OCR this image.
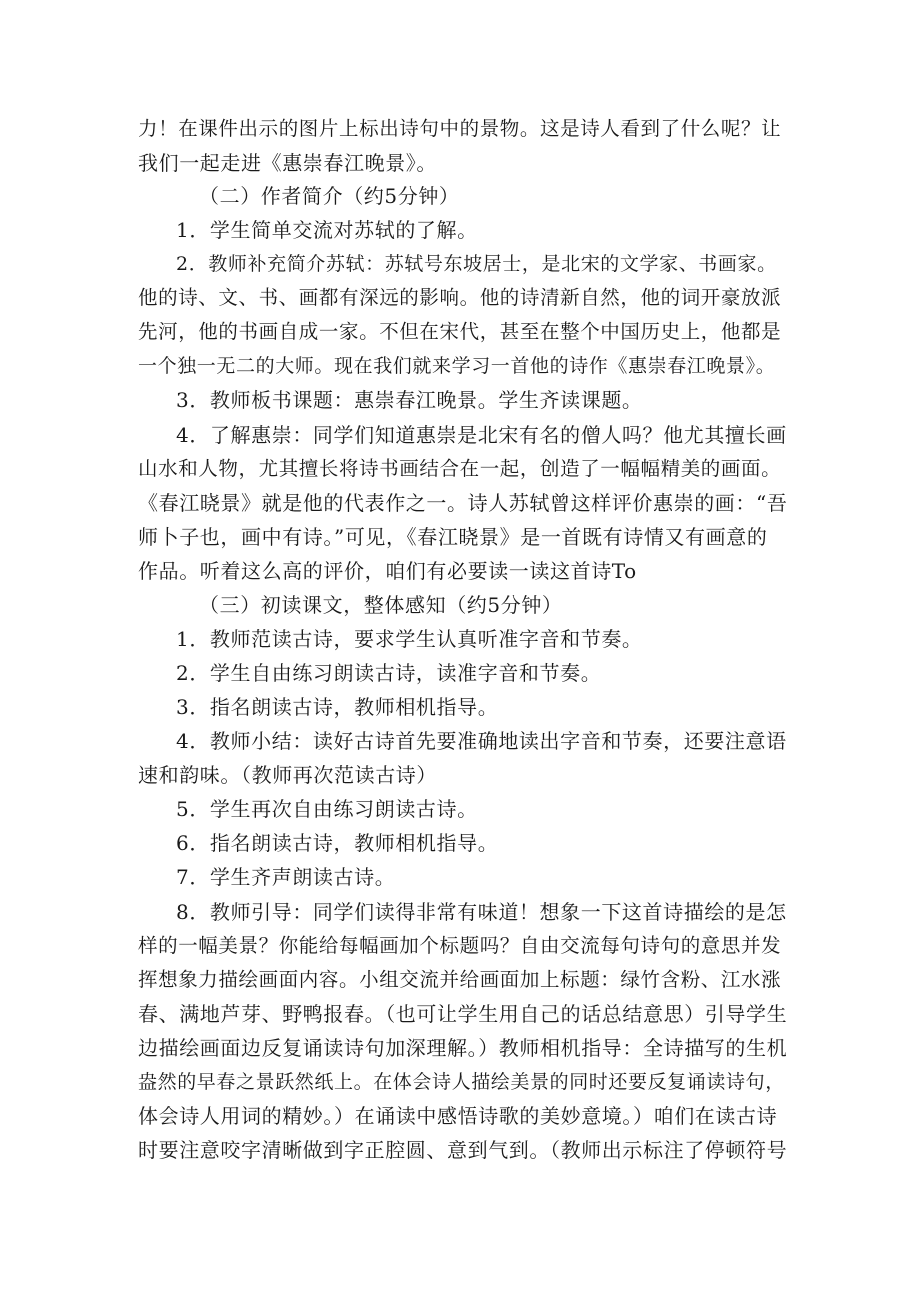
力！在课件出示的图片上标出诗句中的景物。这是诗人看到了什么呢？让
我们一起走进《惠崇春江晚景》。
（二）作者简介（约5分钟）
1．学生简单交流对苏轼的了解。
2．教师补充简介苏轼：苏轼号东坡居士，是北宋的文学家、书画家。
他的诗、文、书、画都有深远的影响。他的诗清新自然，他的词开豪放派
先河，他的书画自成一家。不但在宋代，甚至在整个中国历史上，他都是
一个独一无二的大师。现在我们就来学习一首他的诗作《惠崇春江晚景》。
3．教师板书课题：惠崇春江晚景。学生齐读课题。
4．了解惠崇：同学们知道惠崇是北宋有名的僧人吗？他尤其擅长画
山水和人物，尤其擅长将诗书画结合在一起，创造了一幅幅精美的画面。
《春江晓景》就是他的代表作之一。诗人苏轼曾这样评价惠崇的画：“吾
师卜子也，画中有诗。”可见，《春江晓景》是一首既有诗情又有画意的
作品。听着这么高的评价，咱们有必要读一读这首诗To
（三）初读课文，整体感知（约5分钟）
1．教师范读古诗，要求学生认真听准字音和节奏。
2．学生自由练习朗读古诗，读准字音和节奏。
3．指名朗读古诗，教师相机指导。
4．教师小结：读好古诗首先要准确地读出字音和节奏，还要注意语
速和韵味。（教师再次范读古诗）
5．学生再次自由练习朗读古诗。
6．指名朗读古诗，教师相机指导。
7．学生齐声朗读古诗。
8．教师引导：同学们读得非常有味道！想象一下这首诗描绘的是怎
样的一幅美景？你能给每幅画加个标题吗？自由交流每句诗句的意思并发
挥想象力描绘画面内容。小组交流并给画面加上标题：绿竹含粉、江水涨
春、满地芦芽、野鸭报春。（也可让学生用自己的话总结意思）引导学生
边描绘画面边反复诵读诗句加深理解。）教师相机指导：全诗描写的生机
盎然的早春之景跃然纸上。在体会诗人描绘美景的同时还要反复诵读诗句，
体会诗人用词的精妙。）在诵读中感悟诗歌的美妙意境。）咱们在读古诗
时要注意咬字清晰做到字正腔圆、意到气到。（教师出示标注了停顿符号
